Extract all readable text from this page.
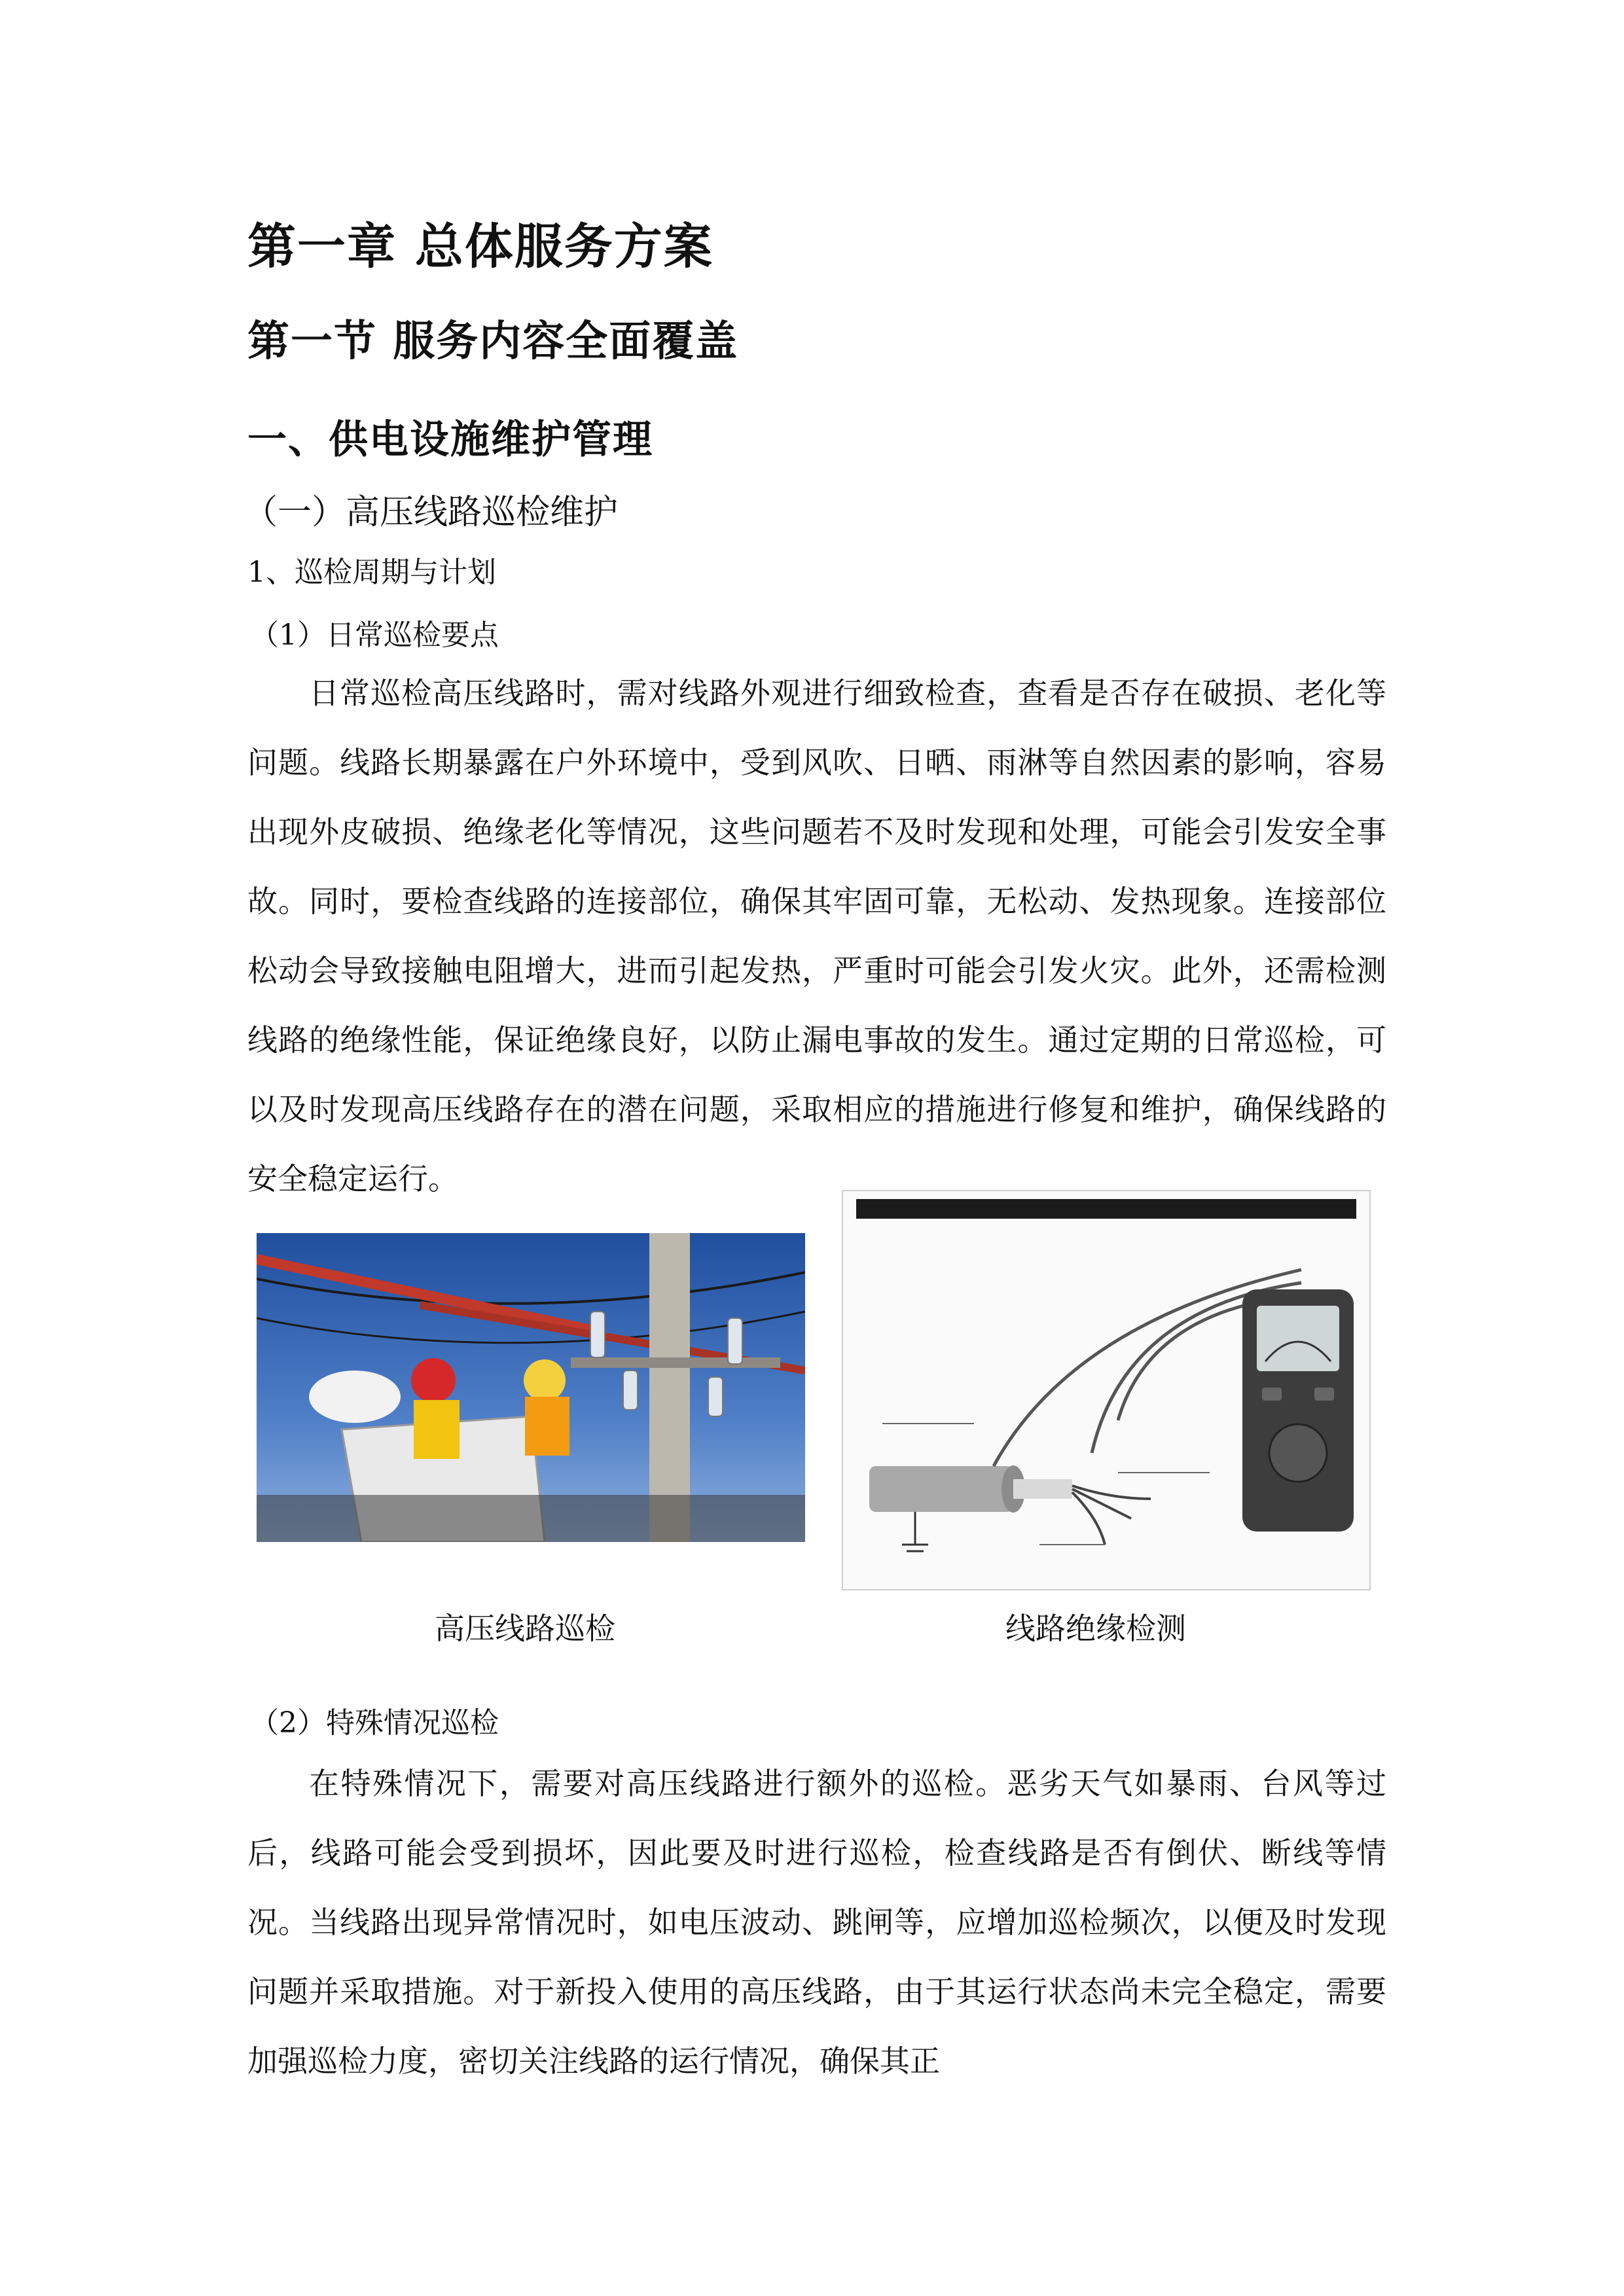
第一章 总体服务方案
第一节 服务内容全面覆盖
一、供电设施维护管理
（一）高压线路巡检维护
1、巡检周期与计划
（1）日常巡检要点

日常巡检高压线路时，需对线路外观进行细致检查，查看是否存在破损、老化等问题。线路长期暴露在户外环境中，受到风吹、日晒、雨淋等自然因素的影响，容易出现外皮破损、绝缘老化等情况，这些问题若不及时发现和处理，可能会引发安全事故。同时，要检查线路的连接部位，确保其牢固可靠，无松动、发热现象。连接部位松动会导致接触电阻增大，进而引起发热，严重时可能会引发火灾。此外，还需检测线路的绝缘性能，保证绝缘良好，以防止漏电事故的发生。通过定期的日常巡检，可以及时发现高压线路存在的潜在问题，采取相应的措施进行修复和维护，确保线路的安全稳定运行。

高压线路巡检	线路绝缘检测
（2）特殊情况巡检

在特殊情况下，需要对高压线路进行额外的巡检。恶劣天气如暴雨、台风等过后，线路可能会受到损坏，因此要及时进行巡检，检查线路是否有倒伏、断线等情况。当线路出现异常情况时，如电压波动、跳闸等，应增加巡检频次，以便及时发现问题并采取措施。对于新投入使用的高压线路，由于其运行状态尚未完全稳定，需要加强巡检力度，密切关注线路的运行情况，确保其正
